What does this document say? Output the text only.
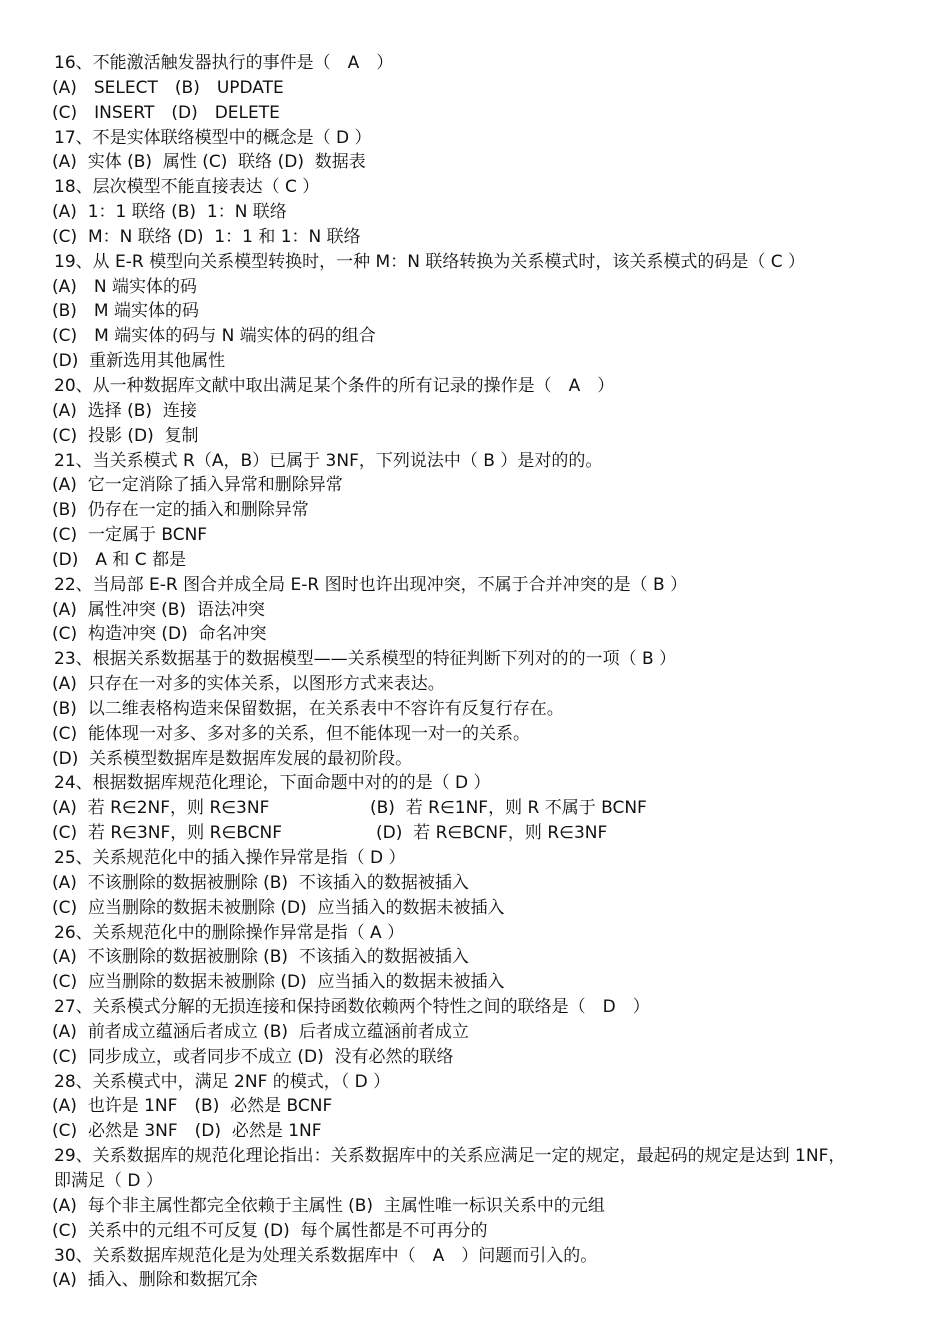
16、不能激活触发器执行的事件是（　A　）
(A)　SELECT　(B)　UPDATE
(C)　INSERT　(D)　DELETE
17、不是实体联络模型中的概念是（ D ）
(A)  实体 (B)  属性 (C)  联络 (D)  数据表
18、层次模型不能直接表达（ C ）
(A)  1：1 联络 (B)  1：N 联络
(C)  M：N 联络 (D)  1：1 和 1：N 联络
19、从 E-R 模型向关系模型转换时，一种 M：N 联络转换为关系模式时，该关系模式的码是（ C ）
(A)　N 端实体的码
(B)　M 端实体的码
(C)　M 端实体的码与 N 端实体的码的组合
(D)  重新选用其他属性
20、从一种数据库文献中取出满足某个条件的所有记录的操作是（　A　）
(A)  选择 (B)  连接
(C)  投影 (D)  复制
21、当关系模式 R（A，B）已属于 3NF，下列说法中（ B ）是对的的。
(A)  它一定消除了插入异常和删除异常
(B)  仍存在一定的插入和删除异常
(C)  一定属于 BCNF
(D)　A 和 C 都是
22、当局部 E-R 图合并成全局 E-R 图时也许出现冲突，不属于合并冲突的是（ B ）
(A)  属性冲突 (B)  语法冲突
(C)  构造冲突 (D)  命名冲突
23、根据关系数据基于的数据模型——关系模型的特征判断下列对的的一项（ B ）
(A)  只存在一对多的实体关系，以图形方式来表达。
(B)  以二维表格构造来保留数据，在关系表中不容许有反复行存在。
(C)  能体现一对多、多对多的关系，但不能体现一对一的关系。
(D)  关系模型数据库是数据库发展的最初阶段。
24、根据数据库规范化理论，下面命题中对的的是（ D ）
(A)  若 R∈2NF，则 R∈3NF	(B)  若 R∈1NF，则 R 不属于 BCNF
(C)  若 R∈3NF，则 R∈BCNF	(D)  若 R∈BCNF，则 R∈3NF
25、关系规范化中的插入操作异常是指（ D ）
(A)  不该删除的数据被删除 (B)  不该插入的数据被插入
(C)  应当删除的数据未被删除 (D)  应当插入的数据未被插入
26、关系规范化中的删除操作异常是指（ A ）
(A)  不该删除的数据被删除 (B)  不该插入的数据被插入
(C)  应当删除的数据未被删除 (D)  应当插入的数据未被插入
27、关系模式分解的无损连接和保持函数依赖两个特性之间的联络是（　D　）
(A)  前者成立蕴涵后者成立 (B)  后者成立蕴涵前者成立
(C)  同步成立，或者同步不成立 (D)  没有必然的联络
28、关系模式中，满足 2NF 的模式，（ D ）
(A)  也许是 1NF　(B)  必然是 BCNF
(C)  必然是 3NF　(D)  必然是 1NF
29、关系数据库的规范化理论指出：关系数据库中的关系应满足一定的规定，最起码的规定是达到 1NF，
即满足（ D ）
(A)  每个非主属性都完全依赖于主属性 (B)  主属性唯一标识关系中的元组
(C)  关系中的元组不可反复 (D)  每个属性都是不可再分的
30、关系数据库规范化是为处理关系数据库中（　A　）问题而引入的。
(A)  插入、删除和数据冗余
